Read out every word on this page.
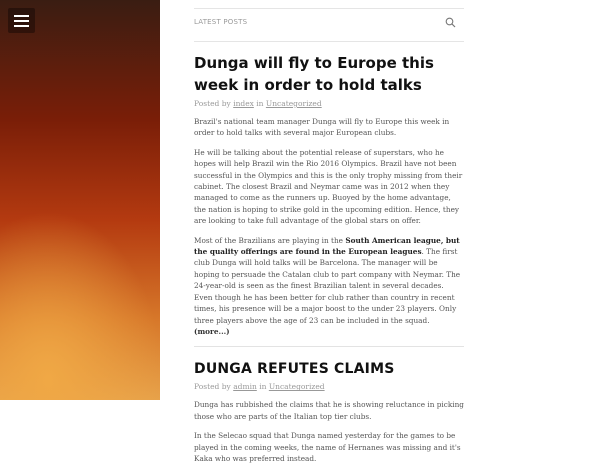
LATEST POSTS
Dunga will fly to Europe this week in order to hold talks
Posted by index in Uncategorized

Brazil's national team manager Dunga will fly to Europe this week in order to hold talks with several major European clubs.

He will be talking about the potential release of superstars, who he hopes will help Brazil win the Rio 2016 Olympics. Brazil have not been successful in the Olympics and this is the only trophy missing from their cabinet. The closest Brazil and Neymar came was in 2012 when they managed to come as the runners up. Buoyed by the home advantage, the nation is hoping to strike gold in the upcoming edition. Hence, they are looking to take full advantage of the global stars on offer.

Most of the Brazilians are playing in the South American league, but the quality offerings are found in the European leagues. The first club Dunga will hold talks will be Barcelona. The manager will be hoping to persuade the Catalan club to part company with Neymar. The 24-year-old is seen as the finest Brazilian talent in several decades. Even though he has been better for club rather than country in recent times, his presence will be a major boost to the under 23 players. Only three players above the age of 23 can be included in the squad. (more...)

DUNGA REFUTES CLAIMS
Posted by admin in Uncategorized

Dunga has rubbished the claims that he is showing reluctance in picking those who are parts of the Italian top tier clubs.

In the Selecao squad that Dunga named yesterday for the games to be played in the coming weeks, the name of Hernanes was missing and it's Kaka who was preferred instead.
